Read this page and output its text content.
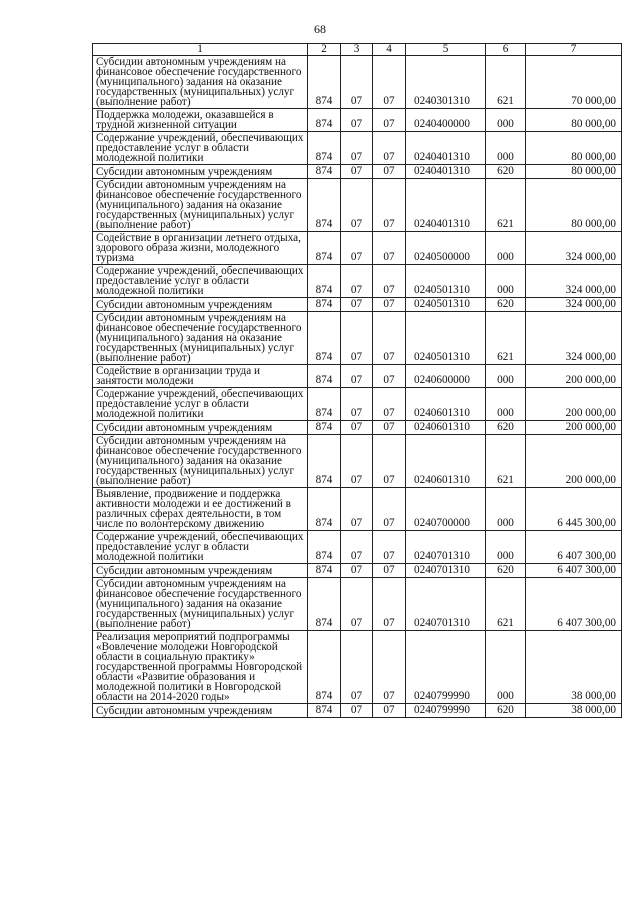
68
1	2	3	4	5	6	7
Субсидии автономным учреждениям на финансовое обеспечение государственного (муниципального) задания на оказание государственных (муниципальных) услуг (выполнение работ)	874	07	07	0240301310	621	70 000,00
Поддержка молодежи, оказавшейся в трудной жизненной ситуации	874	07	07	0240400000	000	80 000,00
Содержание учреждений, обеспечивающих предоставление услуг в области молодежной политики	874	07	07	0240401310	000	80 000,00
Субсидии автономным учреждениям	874	07	07	0240401310	620	80 000,00
Субсидии автономным учреждениям на финансовое обеспечение государственного (муниципального) задания на оказание государственных (муниципальных) услуг (выполнение работ)	874	07	07	0240401310	621	80 000,00
Содействие в организации летнего отдыха, здорового образа жизни, молодежного туризма	874	07	07	0240500000	000	324 000,00
Содержание учреждений, обеспечивающих предоставление услуг в области молодежной политики	874	07	07	0240501310	000	324 000,00
Субсидии автономным учреждениям	874	07	07	0240501310	620	324 000,00
Субсидии автономным учреждениям на финансовое обеспечение государственного (муниципального) задания на оказание государственных (муниципальных) услуг (выполнение работ)	874	07	07	0240501310	621	324 000,00
Содействие в организации труда и занятости молодежи	874	07	07	0240600000	000	200 000,00
Содержание учреждений, обеспечивающих предоставление услуг в области молодежной политики	874	07	07	0240601310	000	200 000,00
Субсидии автономным учреждениям	874	07	07	0240601310	620	200 000,00
Субсидии автономным учреждениям на финансовое обеспечение государственного (муниципального) задания на оказание государственных (муниципальных) услуг (выполнение работ)	874	07	07	0240601310	621	200 000,00
Выявление, продвижение и поддержка активности молодежи и ее достижений в различных сферах деятельности, в том числе по волонтерскому движению	874	07	07	0240700000	000	6 445 300,00
Содержание учреждений, обеспечивающих предоставление услуг в области молодежной политики	874	07	07	0240701310	000	6 407 300,00
Субсидии автономным учреждениям	874	07	07	0240701310	620	6 407 300,00
Субсидии автономным учреждениям на финансовое обеспечение государственного (муниципального) задания на оказание государственных (муниципальных) услуг (выполнение работ)	874	07	07	0240701310	621	6 407 300,00
Реализация мероприятий подпрограммы «Вовлечение молодежи Новгородской области в социальную практику» государственной программы Новгородской области «Развитие образования и молодежной политики в Новгородской области на 2014-2020 годы»	874	07	07	0240799990	000	38 000,00
Субсидии автономным учреждениям	874	07	07	0240799990	620	38 000,00
